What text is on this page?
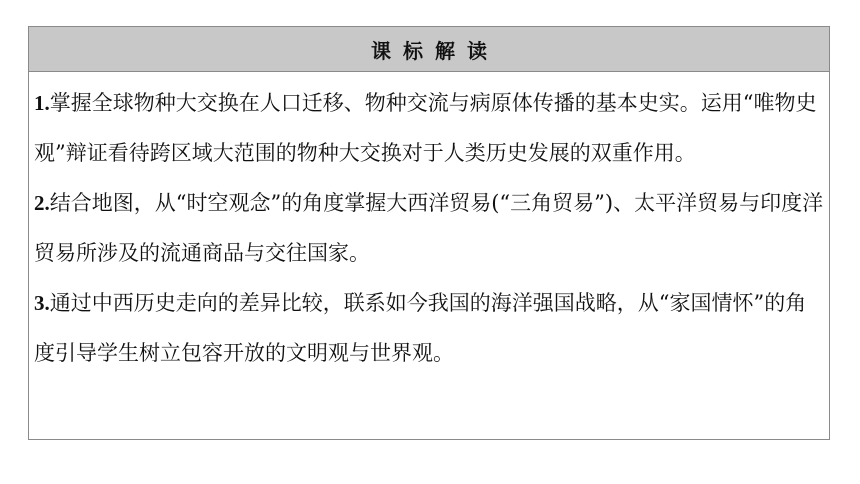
课标解读

1.掌握全球物种大交换在人口迁移、物种交流与病原体传播的基本史实。运用“唯物史观”辩证看待跨区域大范围的物种大交换对于人类历史发展的双重作用。

2.结合地图，从“时空观念”的角度掌握大西洋贸易(“三角贸易”)、太平洋贸易与印度洋贸易所涉及的流通商品与交往国家。

3.通过中西历史走向的差异比较，联系如今我国的海洋强国战略，从“家国情怀”的角度引导学生树立包容开放的文明观与世界观。
